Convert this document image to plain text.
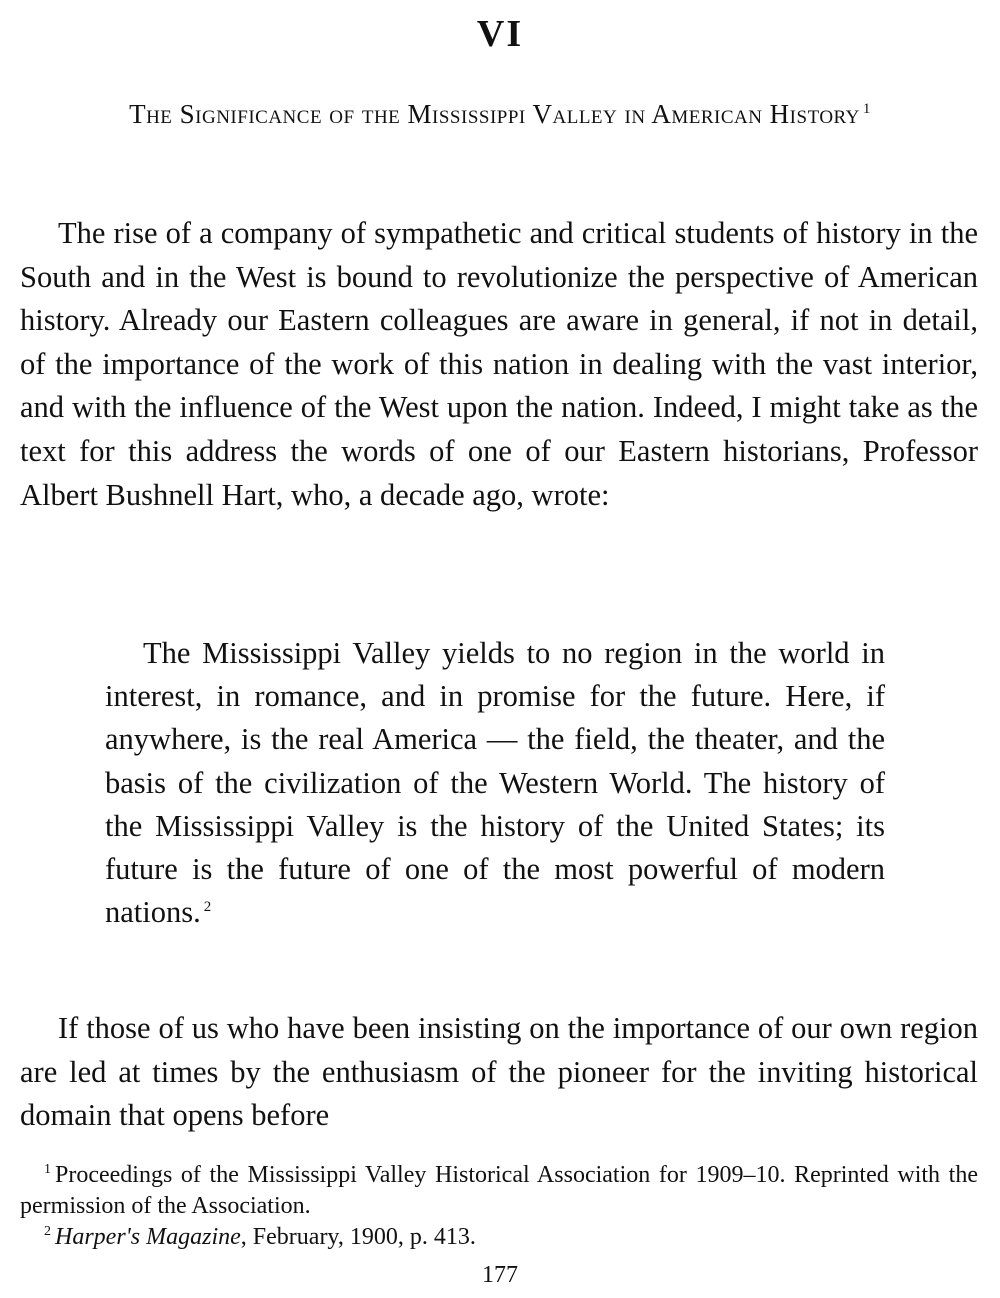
VI
The Significance of the Mississippi Valley in American History $^1$

The rise of a company of sympathetic and critical students of history in the South and in the West is bound to revolutionize the perspective of American history. Already our Eastern colleagues are aware in general, if not in detail, of the importance of the work of this nation in dealing with the vast interior, and with the influence of the West upon the nation. Indeed, I might take as the text for this address the words of one of our Eastern historians, Professor Albert Bushnell Hart, who, a decade ago, wrote:

The Mississippi Valley yields to no region in the world in interest, in romance, and in promise for the future. Here, if anywhere, is the real America — the field, the theater, and the basis of the civilization of the Western World. The history of the Mississippi Valley is the history of the United States; its future is the future of one of the most powerful of modern nations. $^2$

If those of us who have been insisting on the importance of our own region are led at times by the enthusiasm of the pioneer for the inviting historical domain that opens before

$^1$ Proceedings of the Mississippi Valley Historical Association for 1909–10. Reprinted with the permission of the Association.

$^2$ Harper's Magazine, February, 1900, p. 413.

177
